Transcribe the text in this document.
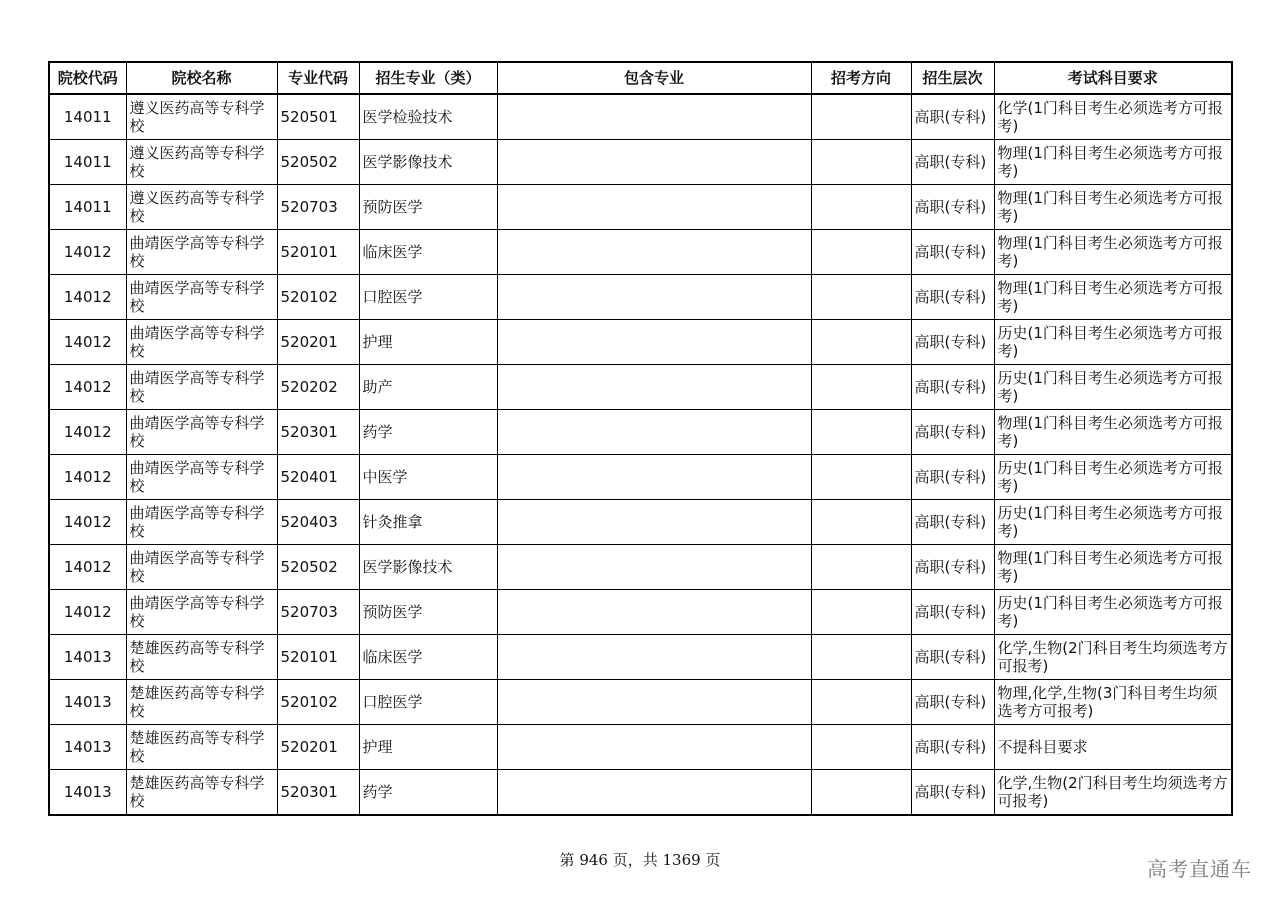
院校代码	院校名称	专业代码	招生专业（类）	包含专业	招考方向	招生层次	考试科目要求
14011	遵义医药高等专科学校	520501	医学检验技术			高职(专科)	化学(1门科目考生必须选考方可报考)
14011	遵义医药高等专科学校	520502	医学影像技术			高职(专科)	物理(1门科目考生必须选考方可报考)
14011	遵义医药高等专科学校	520703	预防医学			高职(专科)	物理(1门科目考生必须选考方可报考)
14012	曲靖医学高等专科学校	520101	临床医学			高职(专科)	物理(1门科目考生必须选考方可报考)
14012	曲靖医学高等专科学校	520102	口腔医学			高职(专科)	物理(1门科目考生必须选考方可报考)
14012	曲靖医学高等专科学校	520201	护理			高职(专科)	历史(1门科目考生必须选考方可报考)
14012	曲靖医学高等专科学校	520202	助产			高职(专科)	历史(1门科目考生必须选考方可报考)
14012	曲靖医学高等专科学校	520301	药学			高职(专科)	物理(1门科目考生必须选考方可报考)
14012	曲靖医学高等专科学校	520401	中医学			高职(专科)	历史(1门科目考生必须选考方可报考)
14012	曲靖医学高等专科学校	520403	针灸推拿			高职(专科)	历史(1门科目考生必须选考方可报考)
14012	曲靖医学高等专科学校	520502	医学影像技术			高职(专科)	物理(1门科目考生必须选考方可报考)
14012	曲靖医学高等专科学校	520703	预防医学			高职(专科)	历史(1门科目考生必须选考方可报考)
14013	楚雄医药高等专科学校	520101	临床医学			高职(专科)	化学,生物(2门科目考生均须选考方可报考)
14013	楚雄医药高等专科学校	520102	口腔医学			高职(专科)	物理,化学,生物(3门科目考生均须选考方可报考)
14013	楚雄医药高等专科学校	520201	护理			高职(专科)	不提科目要求
14013	楚雄医药高等专科学校	520301	药学			高职(专科)	化学,生物(2门科目考生均须选考方可报考)
第 946 页，共 1369 页	高考直通车
